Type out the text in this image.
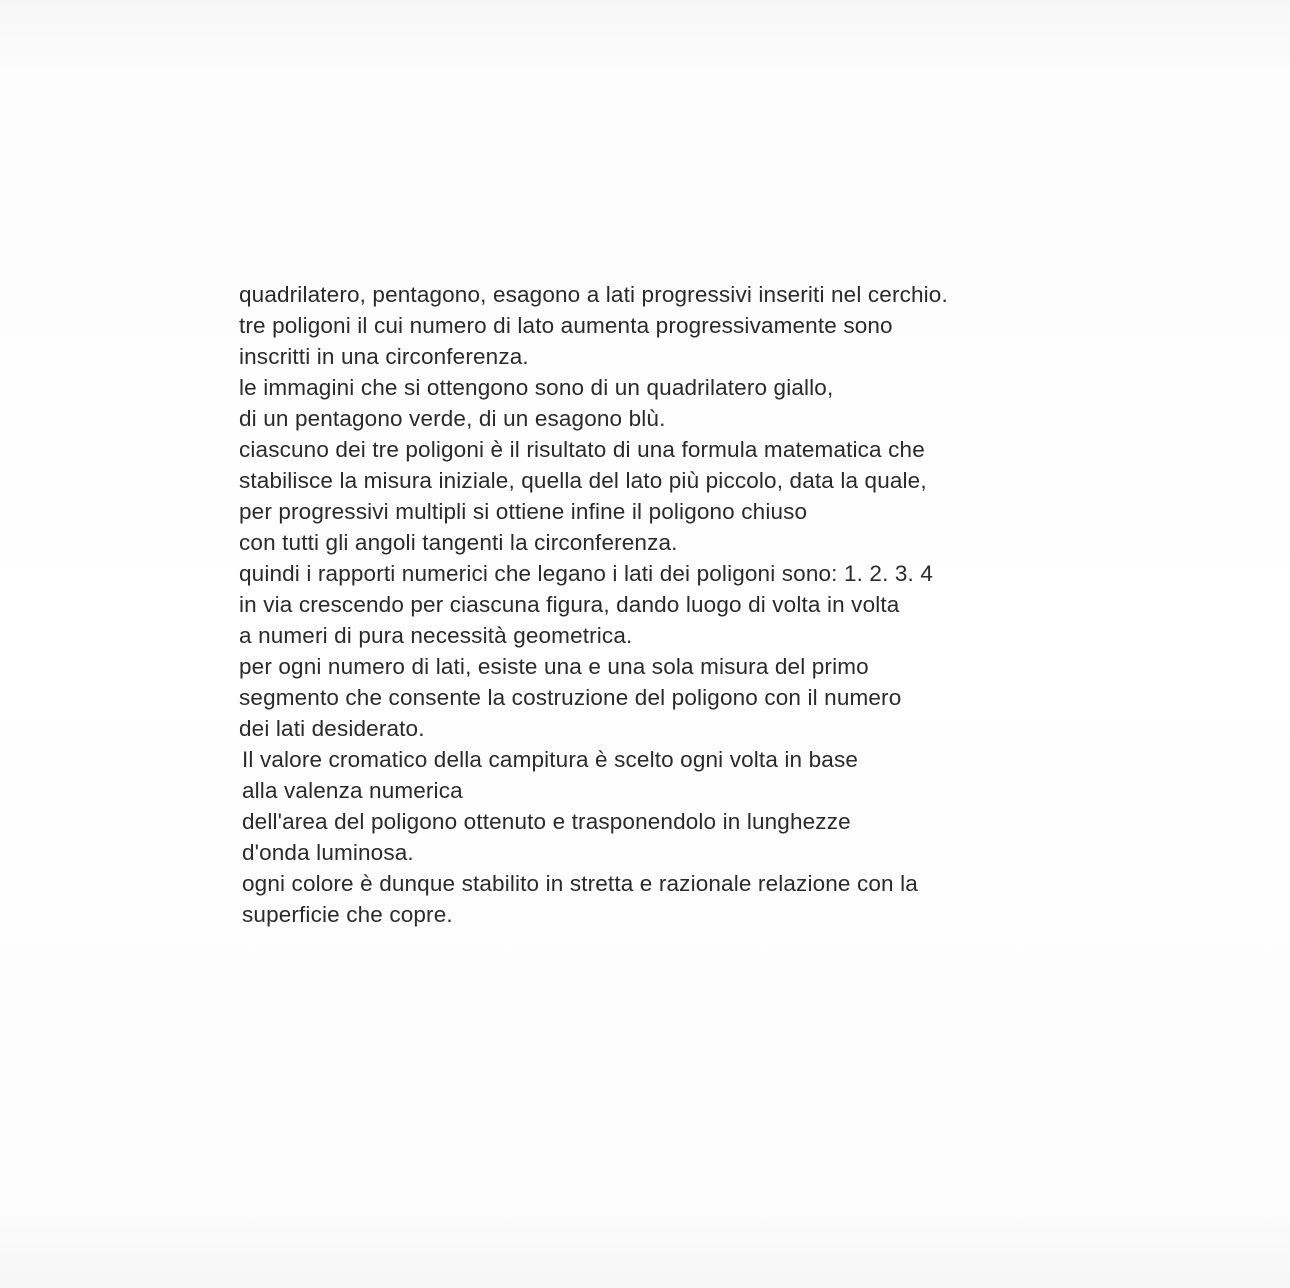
quadrilatero, pentagono, esagono a lati progressivi inseriti nel cerchio.
tre poligoni il cui numero di lato aumenta progressivamente sono
inscritti in una circonferenza.
le immagini che si ottengono sono di un quadrilatero giallo,
di un pentagono verde, di un esagono blù.
ciascuno dei tre poligoni è il risultato di una formula matematica che
stabilisce la misura iniziale, quella del lato più piccolo, data la quale,
per progressivi multipli si ottiene infine il poligono chiuso
con tutti gli angoli tangenti la circonferenza.
quindi i rapporti numerici che legano i lati dei poligoni sono: 1. 2. 3. 4
in via crescendo per ciascuna figura, dando luogo di volta in volta
a numeri di pura necessità geometrica.
per ogni numero di lati, esiste una e una sola misura del primo
segmento che consente la costruzione del poligono con il numero
dei lati desiderato.
Il valore cromatico della campitura è scelto ogni volta in base
alla valenza numerica
dell'area del poligono ottenuto e trasponendolo in lunghezze
d'onda luminosa.
ogni colore è dunque stabilito in stretta e razionale relazione con la
superficie che copre.
